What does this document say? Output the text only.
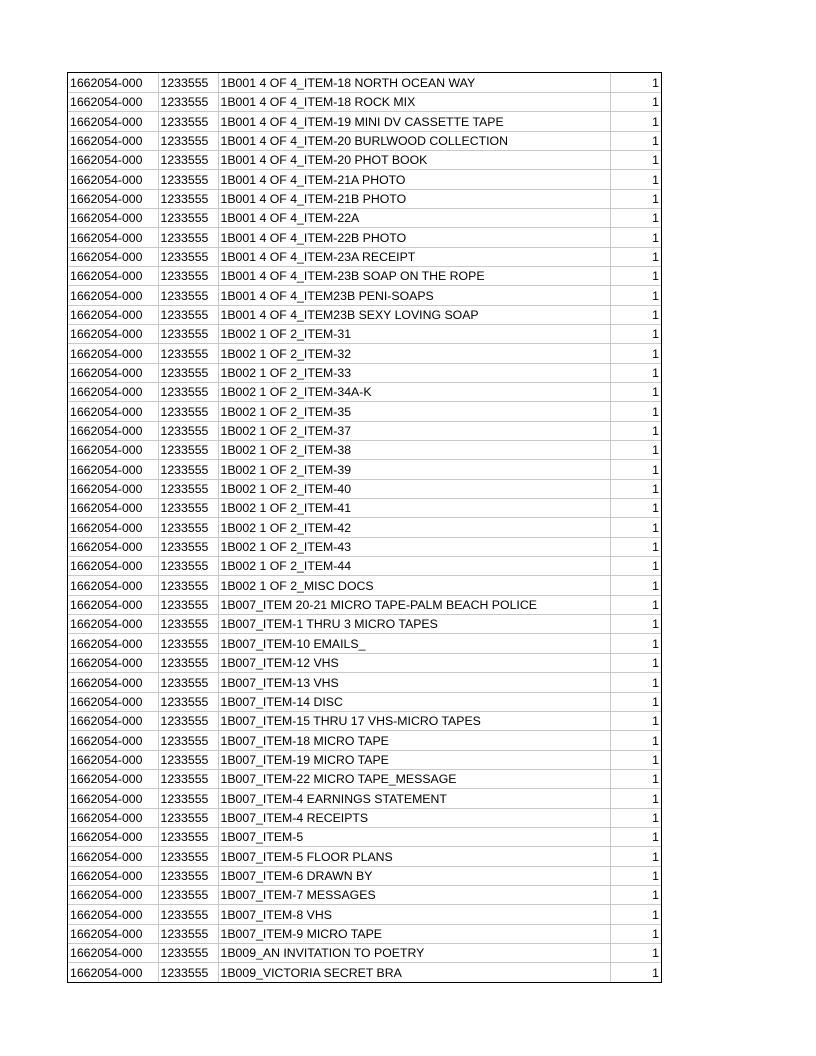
1662054-000	1233555	1B001 4 OF 4_ITEM-18 NORTH OCEAN WAY	1
1662054-000	1233555	1B001 4 OF 4_ITEM-18 ROCK MIX	1
1662054-000	1233555	1B001 4 OF 4_ITEM-19 MINI DV CASSETTE TAPE	1
1662054-000	1233555	1B001 4 OF 4_ITEM-20 BURLWOOD COLLECTION	1
1662054-000	1233555	1B001 4 OF 4_ITEM-20 PHOT BOOK	1
1662054-000	1233555	1B001 4 OF 4_ITEM-21A PHOTO	1
1662054-000	1233555	1B001 4 OF 4_ITEM-21B PHOTO	1
1662054-000	1233555	1B001 4 OF 4_ITEM-22A	1
1662054-000	1233555	1B001 4 OF 4_ITEM-22B PHOTO	1
1662054-000	1233555	1B001 4 OF 4_ITEM-23A RECEIPT	1
1662054-000	1233555	1B001 4 OF 4_ITEM-23B SOAP ON THE ROPE	1
1662054-000	1233555	1B001 4 OF 4_ITEM23B PENI-SOAPS	1
1662054-000	1233555	1B001 4 OF 4_ITEM23B SEXY LOVING SOAP	1
1662054-000	1233555	1B002 1 OF 2_ITEM-31	1
1662054-000	1233555	1B002 1 OF 2_ITEM-32	1
1662054-000	1233555	1B002 1 OF 2_ITEM-33	1
1662054-000	1233555	1B002 1 OF 2_ITEM-34A-K	1
1662054-000	1233555	1B002 1 OF 2_ITEM-35	1
1662054-000	1233555	1B002 1 OF 2_ITEM-37	1
1662054-000	1233555	1B002 1 OF 2_ITEM-38	1
1662054-000	1233555	1B002 1 OF 2_ITEM-39	1
1662054-000	1233555	1B002 1 OF 2_ITEM-40	1
1662054-000	1233555	1B002 1 OF 2_ITEM-41	1
1662054-000	1233555	1B002 1 OF 2_ITEM-42	1
1662054-000	1233555	1B002 1 OF 2_ITEM-43	1
1662054-000	1233555	1B002 1 OF 2_ITEM-44	1
1662054-000	1233555	1B002 1 OF 2_MISC DOCS	1
1662054-000	1233555	1B007_ITEM 20-21 MICRO TAPE-PALM BEACH POLICE	1
1662054-000	1233555	1B007_ITEM-1 THRU 3 MICRO TAPES	1
1662054-000	1233555	1B007_ITEM-10 EMAILS_	1
1662054-000	1233555	1B007_ITEM-12 VHS	1
1662054-000	1233555	1B007_ITEM-13 VHS	1
1662054-000	1233555	1B007_ITEM-14 DISC	1
1662054-000	1233555	1B007_ITEM-15 THRU 17 VHS-MICRO TAPES	1
1662054-000	1233555	1B007_ITEM-18 MICRO TAPE	1
1662054-000	1233555	1B007_ITEM-19 MICRO TAPE	1
1662054-000	1233555	1B007_ITEM-22 MICRO TAPE_MESSAGE	1
1662054-000	1233555	1B007_ITEM-4 EARNINGS STATEMENT	1
1662054-000	1233555	1B007_ITEM-4 RECEIPTS	1
1662054-000	1233555	1B007_ITEM-5	1
1662054-000	1233555	1B007_ITEM-5 FLOOR PLANS	1
1662054-000	1233555	1B007_ITEM-6 DRAWN BY	1
1662054-000	1233555	1B007_ITEM-7 MESSAGES	1
1662054-000	1233555	1B007_ITEM-8 VHS	1
1662054-000	1233555	1B007_ITEM-9 MICRO TAPE	1
1662054-000	1233555	1B009_AN INVITATION TO POETRY	1
1662054-000	1233555	1B009_VICTORIA SECRET BRA	1
